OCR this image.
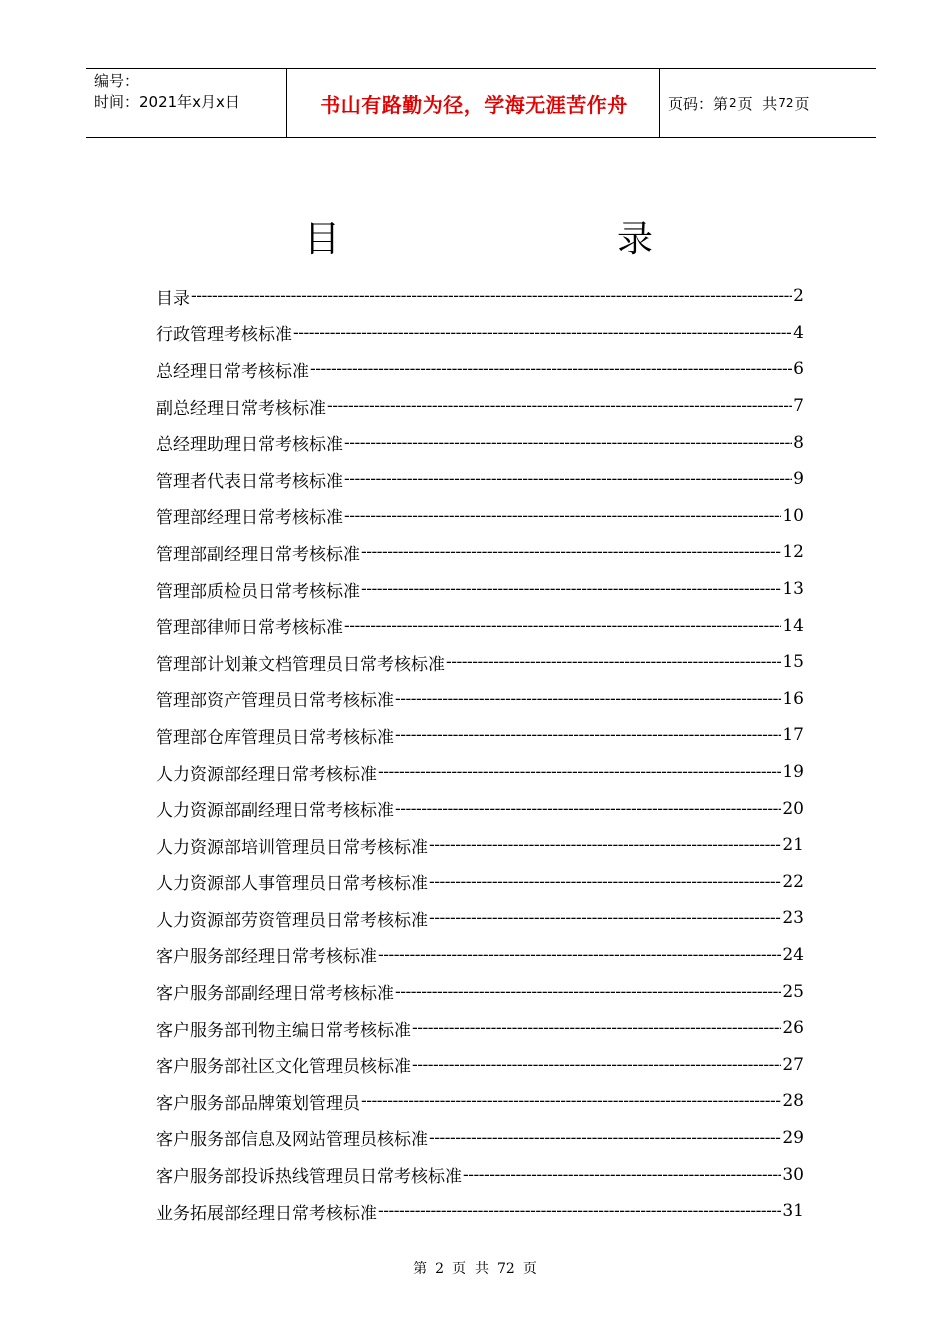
编号：
时间：2021年x月x日	书山有路勤为径，学海无涯苦作舟	页码：第 2 页  共 72 页
目	录
目录 -----	2
行政管理考核标准 -----	4
总经理日常考核标准 -----	6
副总经理日常考核标准 -----	7
总经理助理日常考核标准 -----	8
管理者代表日常考核标准 -----	9
管理部经理日常考核标准 -----	10
管理部副经理日常考核标准 -----	12
管理部质检员日常考核标准 -----	13
管理部律师日常考核标准 -----	14
管理部计划兼文档管理员日常考核标准 -----	15
管理部资产管理员日常考核标准 -----	16
管理部仓库管理员日常考核标准 -----	17
人力资源部经理日常考核标准 -----	19
人力资源部副经理日常考核标准 -----	20
人力资源部培训管理员日常考核标准 -----	21
人力资源部人事管理员日常考核标准 -----	22
人力资源部劳资管理员日常考核标准 -----	23
客户服务部经理日常考核标准 -----	24
客户服务部副经理日常考核标准 -----	25
客户服务部刊物主编日常考核标准 -----	26
客户服务部社区文化管理员核标准 -----	27
客户服务部品牌策划管理员 -----	28
客户服务部信息及网站管理员核标准 -----	29
客户服务部投诉热线管理员日常考核标准 -----	30
业务拓展部经理日常考核标准 -----	31
第 2 页  共 72 页
